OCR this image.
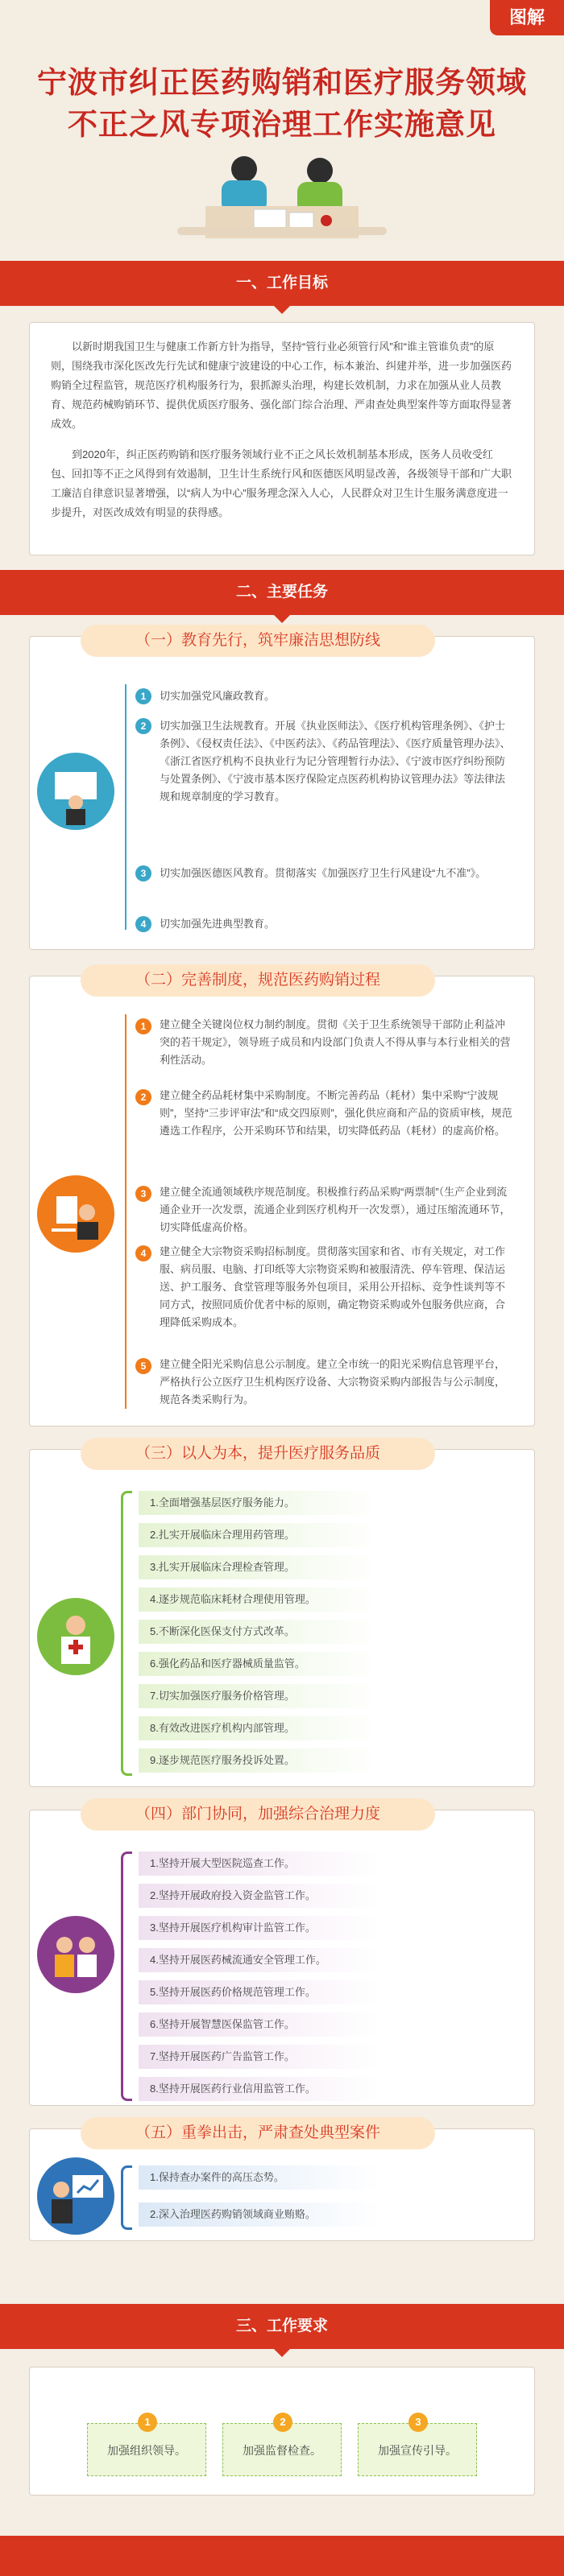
图解
宁波市纠正医药购销和医疗服务领域
不正之风专项治理工作实施意见
一、工作目标

以新时期我国卫生与健康工作新方针为指导，坚持“管行业必须管行风”和“谁主管谁负责”的原则，围绕我市深化医改先行先试和健康宁波建设的中心工作，标本兼治、纠建并举，进一步加强医药购销全过程监管，规范医疗机构服务行为，狠抓源头治理，构建长效机制，力求在加强从业人员教育、规范药械购销环节、提供优质医疗服务、强化部门综合治理、严肃查处典型案件等方面取得显著成效。

到2020年，纠正医药购销和医疗服务领域行业不正之风长效机制基本形成，医务人员收受红包、回扣等不正之风得到有效遏制，卫生计生系统行风和医德医风明显改善，各级领导干部和广大职工廉洁自律意识显著增强，以“病人为中心”服务理念深入人心，人民群众对卫生计生服务满意度进一步提升，对医改成效有明显的获得感。

二、主要任务
（一）教育先行，筑牢廉洁思想防线
1	切实加强党风廉政教育。
2	切实加强卫生法规教育。开展《执业医师法》、《医疗机构管理条例》、《护士条例》、《侵权责任法》、《中医药法》、《药品管理法》、《医疗质量管理办法》、《浙江省医疗机构不良执业行为记分管理暂行办法》、《宁波市医疗纠纷预防与处置条例》、《宁波市基本医疗保险定点医药机构协议管理办法》等法律法规和规章制度的学习教育。
3	切实加强医德医风教育。贯彻落实《加强医疗卫生行风建设“九不准”》。
4	切实加强先进典型教育。
（二）完善制度，规范医药购销过程
1	建立健全关键岗位权力制约制度。贯彻《关于卫生系统领导干部防止利益冲突的若干规定》，领导班子成员和内设部门负责人不得从事与本行业相关的营利性活动。
2	建立健全药品耗材集中采购制度。不断完善药品（耗材）集中采购“宁波规则”，坚持“三步评审法”和“成交四原则”，强化供应商和产品的资质审核，规范遴选工作程序，公开采购环节和结果，切实降低药品（耗材）的虚高价格。
3	建立健全流通领域秩序规范制度。积极推行药品采购“两票制”（生产企业到流通企业开一次发票，流通企业到医疗机构开一次发票），通过压缩流通环节，切实降低虚高价格。
4	建立健全大宗物资采购招标制度。贯彻落实国家和省、市有关规定，对工作服、病员服、电脑、打印纸等大宗物资采购和被服清洗、停车管理、保洁运送、护工服务、食堂管理等服务外包项目，采用公开招标、竞争性谈判等不同方式，按照同质价优者中标的原则，确定物资采购或外包服务供应商，合理降低采购成本。
5	建立健全阳光采购信息公示制度。建立全市统一的阳光采购信息管理平台，严格执行公立医疗卫生机构医疗设备、大宗物资采购内部报告与公示制度，规范各类采购行为。
（三）以人为本，提升医疗服务品质
1.全面增强基层医疗服务能力。
2.扎实开展临床合理用药管理。
3.扎实开展临床合理检查管理。
4.逐步规范临床耗材合理使用管理。
5.不断深化医保支付方式改革。
6.强化药品和医疗器械质量监管。
7.切实加强医疗服务价格管理。
8.有效改进医疗机构内部管理。
9.逐步规范医疗服务投诉处置。
（四）部门协同，加强综合治理力度
1.坚持开展大型医院巡查工作。
2.坚持开展政府投入资金监管工作。
3.坚持开展医疗机构审计监管工作。
4.坚持开展医药械流通安全管理工作。
5.坚持开展医药价格规范管理工作。
6.坚持开展智慧医保监管工作。
7.坚持开展医药广告监管工作。
8.坚持开展医药行业信用监管工作。
（五）重拳出击，严肃查处典型案件
1.保持查办案件的高压态势。
2.深入治理医药购销领域商业贿赂。
三、工作要求
加强组织领导。
1
加强监督检查。
2
加强宣传引导。
3
